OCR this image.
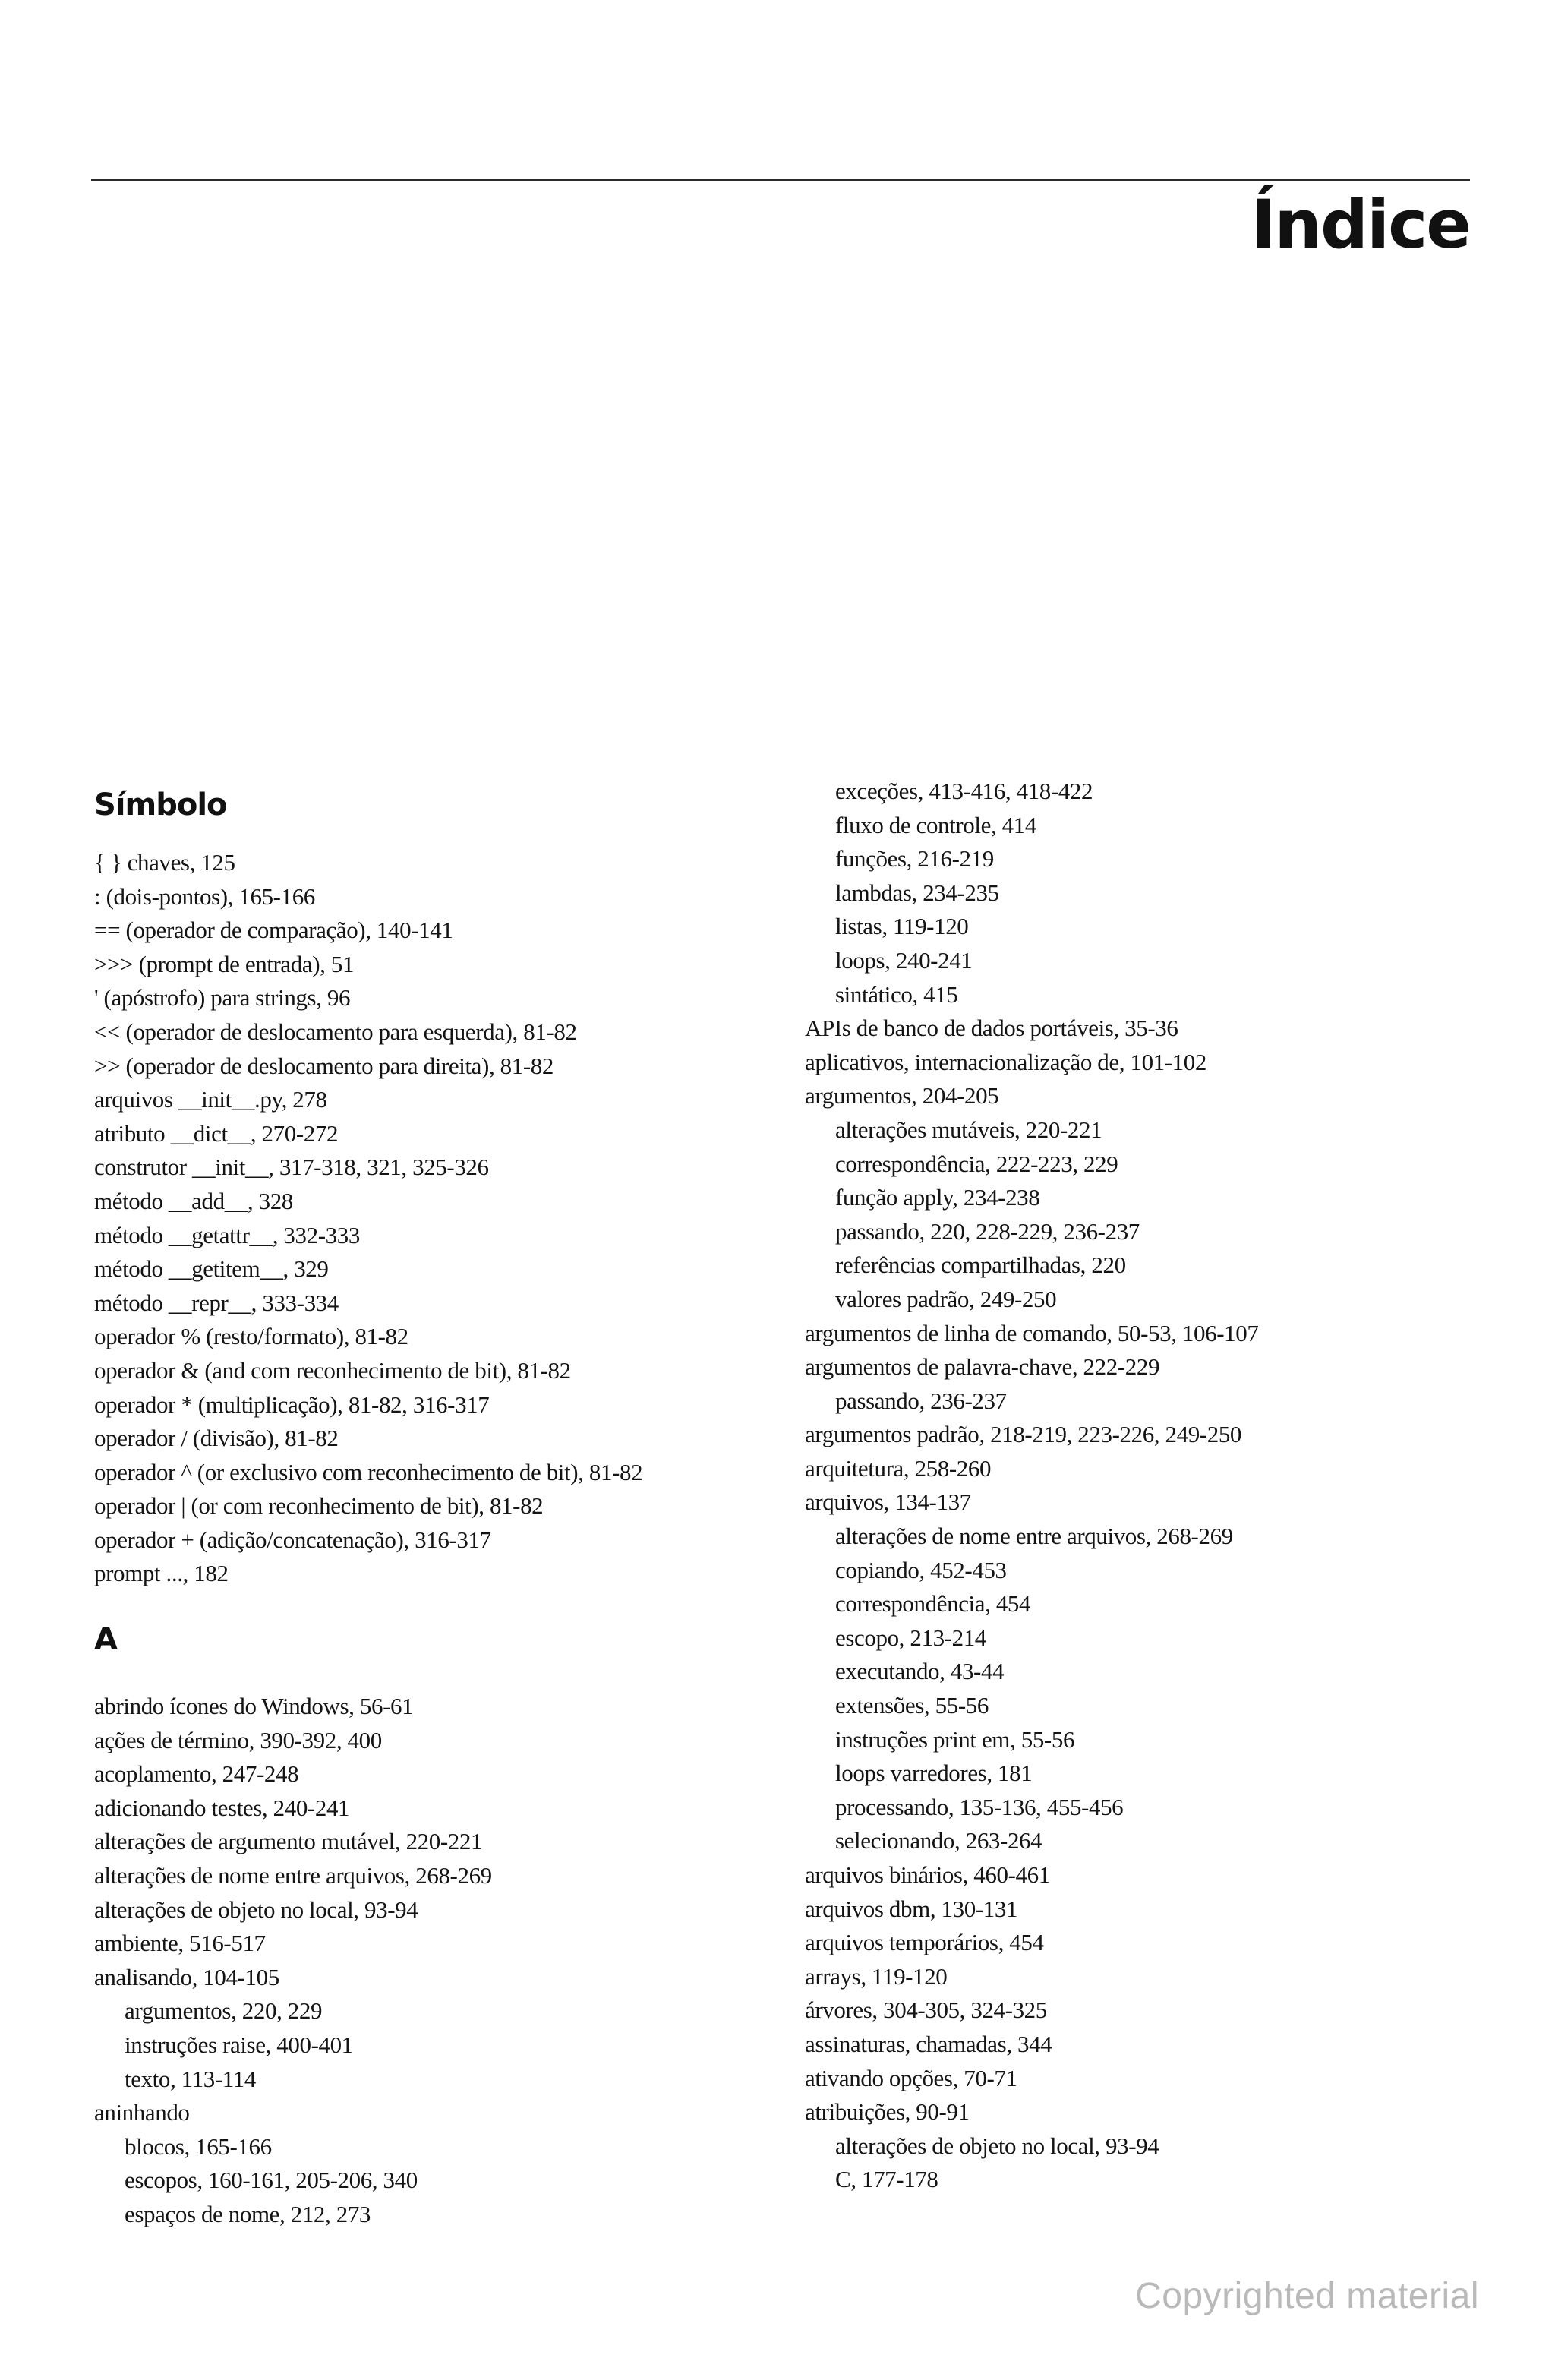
Índice
Símbolo
{ } chaves, 125
: (dois-pontos), 165-166
== (operador de comparação), 140-141
>>> (prompt de entrada), 51
' (apóstrofo) para strings, 96
<< (operador de deslocamento para esquerda), 81-82
>> (operador de deslocamento para direita), 81-82
arquivos __init__.py, 278
atributo __dict__, 270-272
construtor __init__, 317-318, 321, 325-326
método __add__, 328
método __getattr__, 332-333
método __getitem__, 329
método __repr__, 333-334
operador % (resto/formato), 81-82
operador & (and com reconhecimento de bit), 81-82
operador * (multiplicação), 81-82, 316-317
operador / (divisão), 81-82
operador ^ (or exclusivo com reconhecimento de bit), 81-82
operador | (or com reconhecimento de bit), 81-82
operador + (adição/concatenação), 316-317
prompt ..., 182
A
abrindo ícones do Windows, 56-61
ações de término, 390-392, 400
acoplamento, 247-248
adicionando testes, 240-241
alterações de argumento mutável, 220-221
alterações de nome entre arquivos, 268-269
alterações de objeto no local, 93-94
ambiente, 516-517
analisando, 104-105
argumentos, 220, 229
instruções raise, 400-401
texto, 113-114
aninhando
blocos, 165-166
escopos, 160-161, 205-206, 340
espaços de nome, 212, 273
exceções, 413-416, 418-422
fluxo de controle, 414
funções, 216-219
lambdas, 234-235
listas, 119-120
loops, 240-241
sintático, 415
APIs de banco de dados portáveis, 35-36
aplicativos, internacionalização de, 101-102
argumentos, 204-205
alterações mutáveis, 220-221
correspondência, 222-223, 229
função apply, 234-238
passando, 220, 228-229, 236-237
referências compartilhadas, 220
valores padrão, 249-250
argumentos de linha de comando, 50-53, 106-107
argumentos de palavra-chave, 222-229
passando, 236-237
argumentos padrão, 218-219, 223-226, 249-250
arquitetura, 258-260
arquivos, 134-137
alterações de nome entre arquivos, 268-269
copiando, 452-453
correspondência, 454
escopo, 213-214
executando, 43-44
extensões, 55-56
instruções print em, 55-56
loops varredores, 181
processando, 135-136, 455-456
selecionando, 263-264
arquivos binários, 460-461
arquivos dbm, 130-131
arquivos temporários, 454
arrays, 119-120
árvores, 304-305, 324-325
assinaturas, chamadas, 344
ativando opções, 70-71
atribuições, 90-91
alterações de objeto no local, 93-94
C, 177-178
Copyrighted material
